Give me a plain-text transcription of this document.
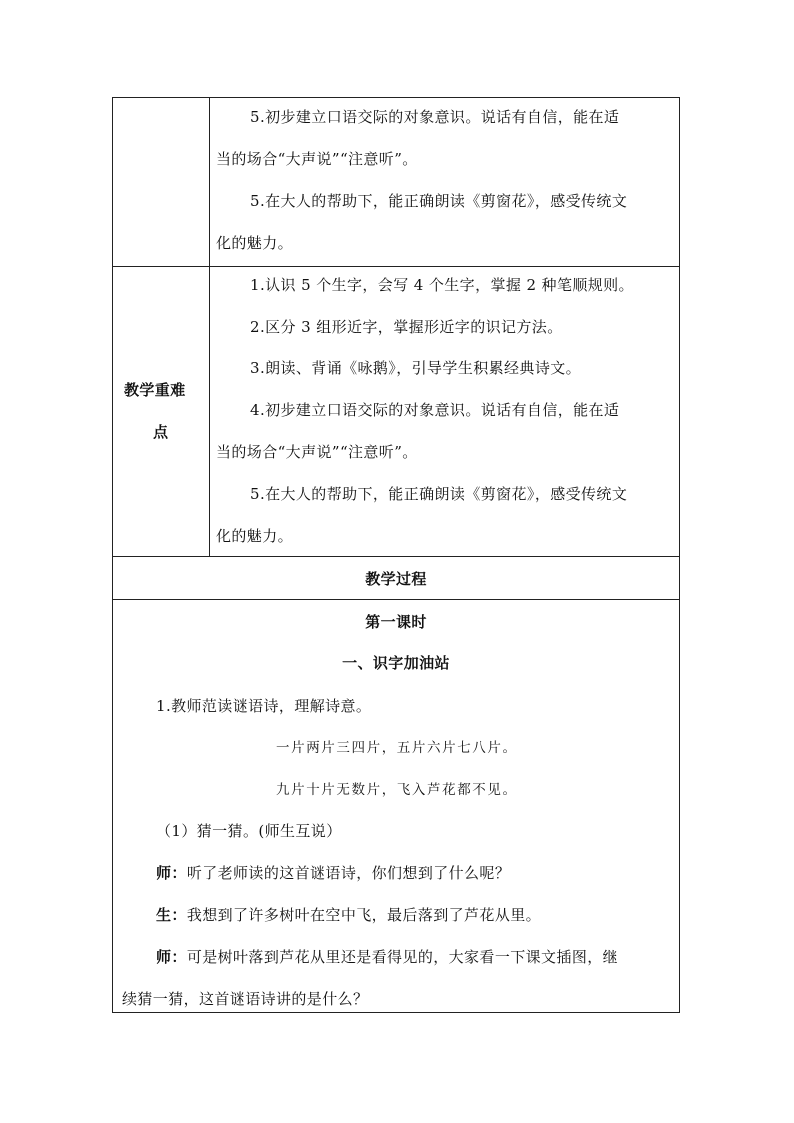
5.初步建立口语交际的对象意识。说话有自信，能在适
当的场合“大声说”“注意听”。
5.在大人的帮助下，能正确朗读《剪窗花》，感受传统文
化的魅力。
教学重难
点
1.认识 5 个生字，会写 4 个生字，掌握 2 种笔顺规则。
2.区分 3 组形近字，掌握形近字的识记方法。
3.朗读、背诵《咏鹅》，引导学生积累经典诗文。
4.初步建立口语交际的对象意识。说话有自信，能在适
当的场合“大声说”“注意听”。
5.在大人的帮助下，能正确朗读《剪窗花》，感受传统文
化的魅力。
教学过程
第一课时
一、识字加油站
1.教师范读谜语诗，理解诗意。
一片两片三四片，五片六片七八片。
九片十片无数片，飞入芦花都不见。
（1）猜一猜。(师生互说）
师：听了老师读的这首谜语诗，你们想到了什么呢？
生：我想到了许多树叶在空中飞，最后落到了芦花从里。
师：可是树叶落到芦花从里还是看得见的，大家看一下课文插图，继
续猜一猜，这首谜语诗讲的是什么？
